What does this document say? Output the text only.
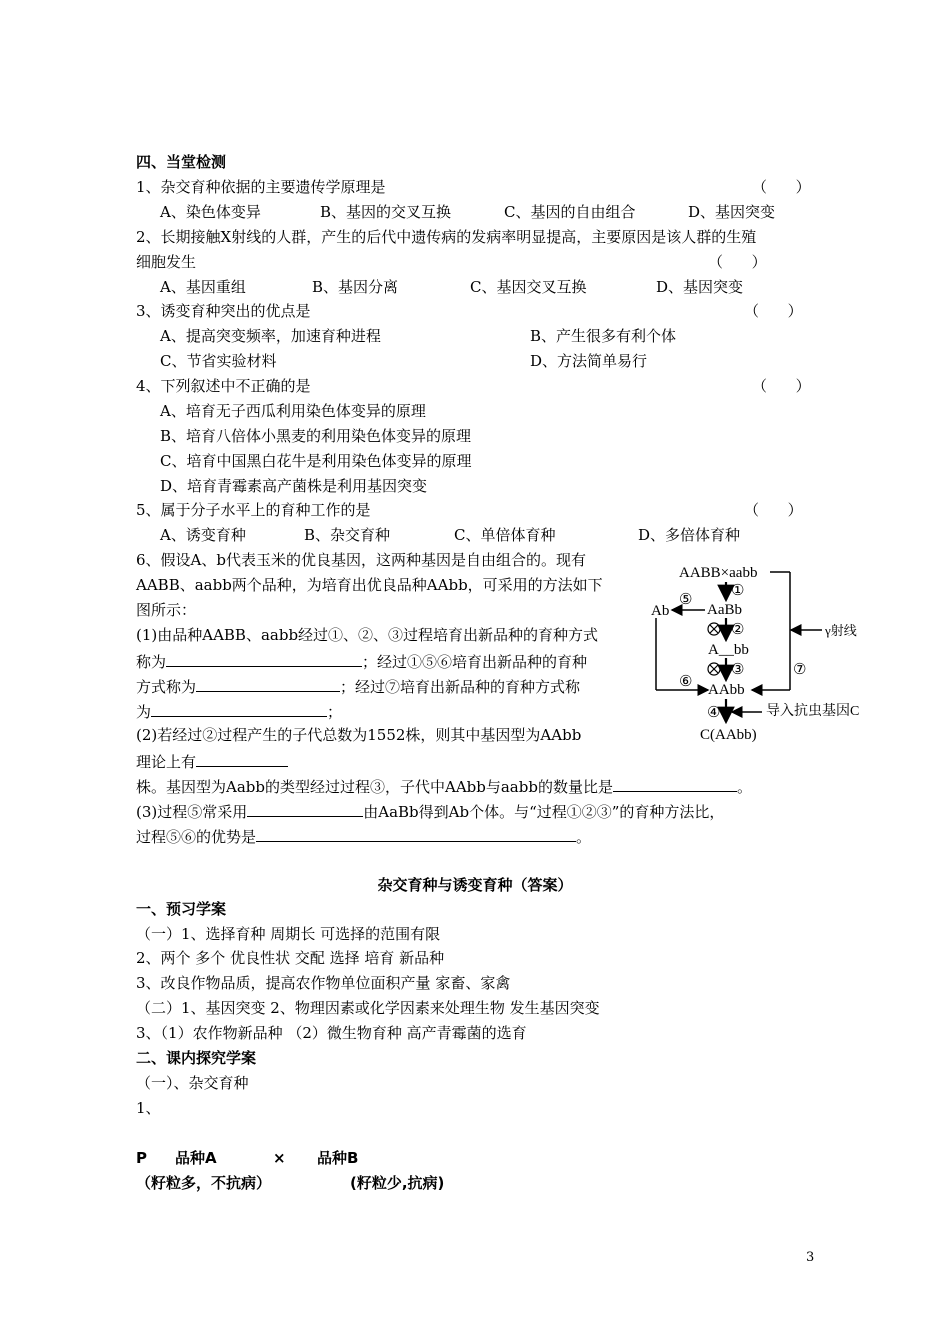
四、当堂检测
1、杂交育种依据的主要遗传学原理是	（      ）
A、染色体变异	B、基因的交叉互换	C、基因的自由组合	D、基因突变
2、长期接触X射线的人群，产生的后代中遗传病的发病率明显提高，主要原因是该人群的生殖
细胞发生	（      ）
A、基因重组	B、基因分离	C、基因交叉互换	D、基因突变
3、诱变育种突出的优点是	（      ）
A、提高突变频率，加速育种进程	B、产生很多有利个体
C、节省实验材料	D、方法简单易行
4、下列叙述中不正确的是	（      ）
A、培育无子西瓜利用染色体变异的原理
B、培育八倍体小黑麦的利用染色体变异的原理
C、培育中国黑白花牛是利用染色体变异的原理
D、培育青霉素高产菌株是利用基因突变
5、属于分子水平上的育种工作的是	（      ）
A、诱变育种	B、杂交育种	C、单倍体育种	D、多倍体育种
6、假设A、b代表玉米的优良基因，这两种基因是自由组合的。现有
AABB、aabb两个品种，为培育出优良品种AAbb，可采用的方法如下
图所示：
(1)由品种AABB、aabb经过①、②、③过程培育出新品种的育种方式
称为	；经过①⑤⑥培育出新品种的育种
方式称为	；经过⑦培育出新品种的育种方式称
为	；
(2)若经过②过程产生的子代总数为1552株，则其中基因型为AAbb
理论上有
株。基因型为Aabb的类型经过过程③，子代中AAbb与aabb的数量比是	。
(3)过程⑤常采用	由AaBb得到Ab个体。与“过程①②③”的育种方法比，
过程⑤⑥的优势是	。
AABB×aabb
①
AaBb
⑤
Ab
②	γ射线
A__bb
③	⑦
⑥ AAbb
④	导入抗虫基因C
C(AAbb)
杂交育种与诱变育种（答案）
一、预习学案
（一）1、选择育种 周期长 可选择的范围有限
2、两个 多个 优良性状 交配 选择 培育 新品种
3、改良作物品质，提高农作物单位面积产量 家畜、家禽
（二）1、基因突变 2、物理因素或化学因素来处理生物 发生基因突变
3、（1）农作物新品种 （2）微生物育种 高产青霉菌的选育
二、课内探究学案
（一）、杂交育种
1、
P 品种A	× 品种B
（籽粒多，不抗病）	(籽粒少,抗病)
3
